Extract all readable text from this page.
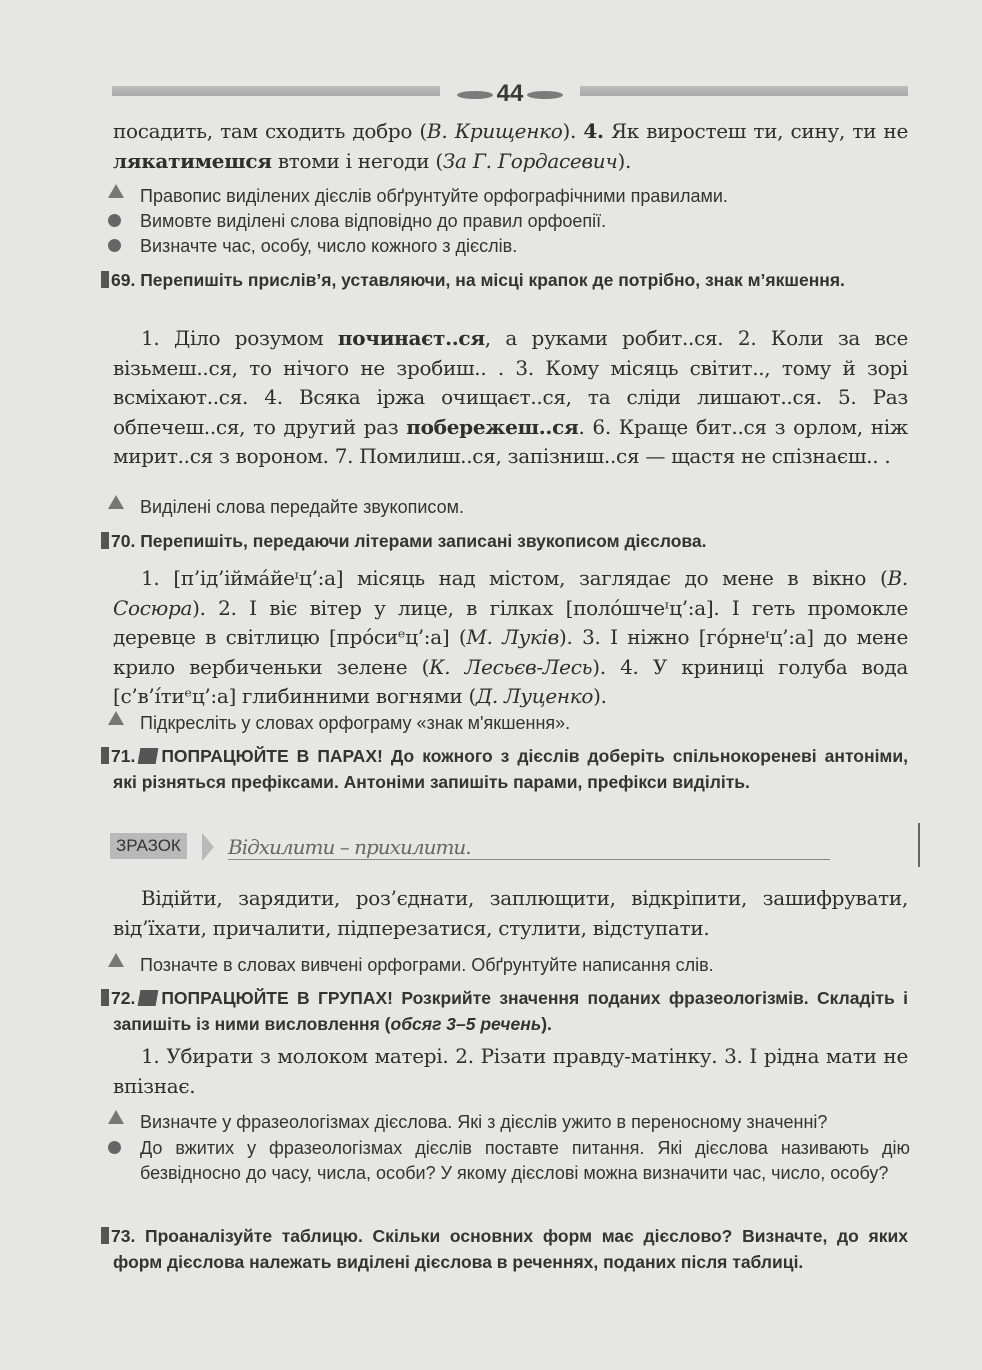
44
посадить, там сходить добро (В. Крищенко). 4. Як виростеш ти, сину, ти не лякатимешся втоми і негоди (За Г. Гордасевич).
Правопис виділених дієслів обґрунтуйте орфографічними правилами.
Вимовте виділені слова відповідно до правил орфоепії.
Визначте час, особу, число кожного з дієслів.
69. Перепишіть прислів’я, уставляючи, на місці крапок де потрібно, знак м’якшення.
1. Діло розумом починаєт..ся, а руками робит..ся. 2. Коли за все візьмеш..ся, то нічого не зробиш.. . 3. Кому місяць світит.., тому й зорі всміхают..ся. 4. Всяка іржа очищаєт..ся, та сліди лишают..ся. 5. Раз обпечеш..ся, то другий раз побережеш..ся. 6. Краще бит..ся з орлом, ніж мирит..ся з вороном. 7. Помилиш..ся, запізниш..ся — щастя не спізнаєш.. .
Виділені слова передайте звукописом.
70. Перепишіть, передаючи літерами записані звукописом дієслова.
1. [п’ід’іймáйеᶦц’:а] місяць над містом, заглядає до мене в вікно (В. Сосюра). 2. І віє вітер у лице, в гілках [полóшчеᶦц’:а]. І геть промокле деревце в світлицю [прóсиᵉц’:а] (М. Луків). 3. І ніжно [гóрнеᶦц’:а] до мене крило вербиченьки зелене (К. Лесьєв-Лесь). 4. У криниці голуба вода [с’в’íтиᵉц’:а] глибинними вогнями (Д. Луценко).
Підкресліть у словах орфограму «знак м'якшення».
71. ПОПРАЦЮЙТЕ В ПАРАХ! До кожного з дієслів доберіть спільнокореневі антоніми, які різняться префіксами. Антоніми запишіть парами, префікси виділіть.
ЗРАЗОК Відхилити – прихилити.
Відійти, зарядити, роз’єднати, заплющити, відкріпити, зашифрувати, від’їхати, причалити, підперезатися, стулити, відступати.
Позначте в словах вивчені орфограми. Обґрунтуйте написання слів.
72. ПОПРАЦЮЙТЕ В ГРУПАХ! Розкрийте значення поданих фразеологізмів. Складіть і запишіть із ними висловлення (обсяг 3–5 речень).
1. Убирати з молоком матері. 2. Різати правду-матінку. 3. І рідна мати не впізнає.
Визначте у фразеологізмах дієслова. Які з дієслів ужито в переносному значенні?
До вжитих у фразеологізмах дієслів поставте питання. Які дієслова називають дію безвідносно до часу, числа, особи? У якому дієслові можна визначити час, число, особу?
73. Проаналізуйте таблицю. Скільки основних форм має дієслово? Визначте, до яких форм дієслова належать виділені дієслова в реченнях, поданих після таблиці.
